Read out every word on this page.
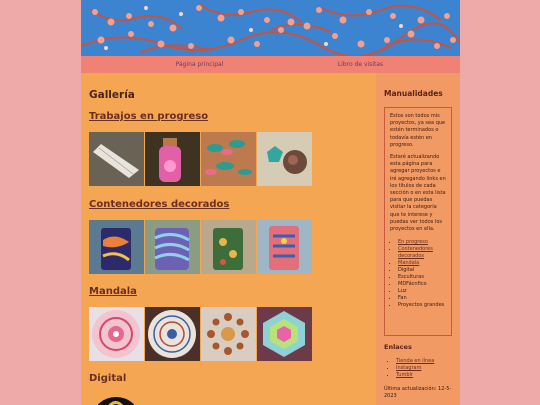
Página principal	Libro de visitas
Gallería
Trabajos en progreso
Contenedores decorados
Mandala
Digital
Manualidades
Estos son todos mis proyectos, ya sea que estén terminados o todavía estén en progreso.
Estaré actualizando esta página para agregar proyectos e iré agregando links en los títulos de cada sección o en esta lista para que puedas visitar la categoría que te interese y puedas ver todos los proyectos en ella.
• En progreso
• Contenedores decorados
• Mandala
• Digital
• Esculturas
• MDFácnfico
• Luz
• Fan
• Proyectos grandes
Enlaces
• Tienda en línea
• Instagram
• Tumblr
Última actualización: 12-5-2023
